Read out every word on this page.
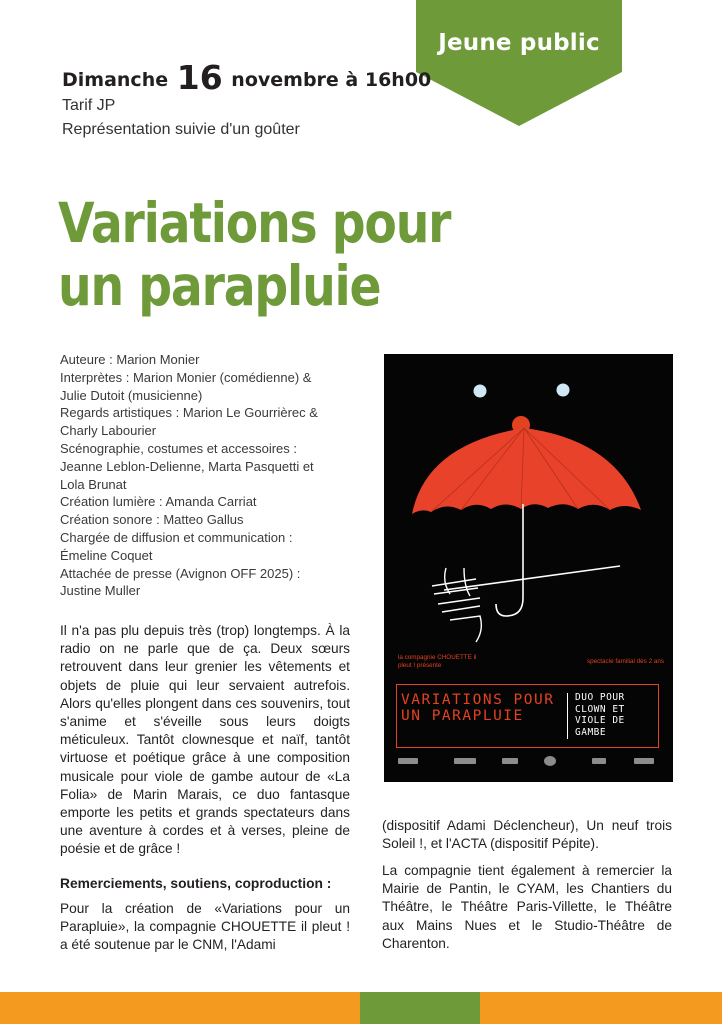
Jeune public
Dimanche 16 novembre à 16h00
Tarif JP
Représentation suivie d'un goûter
Variations pour
un parapluie
Auteure : Marion Monier
Interprètes : Marion Monier (comédienne) & Julie Dutoit (musicienne)
Regards artistiques : Marion Le Gourrièrec & Charly Labourier
Scénographie, costumes et accessoires : Jeanne Leblon-Delienne, Marta Pasquetti et Lola Brunat
Création lumière : Amanda Carriat
Création sonore : Matteo Gallus
Chargée de diffusion et communication : Émeline Coquet
Attachée de presse (Avignon OFF 2025) : Justine Muller
la compagnie CHOUETTE il pleut ! présente	spectacle familial dès 2 ans
VARIATIONS POUR UN PARAPLUIE
DUO POUR CLOWN ET VIOLE DE GAMBE

Il n'a pas plu depuis très (trop) longtemps. À la radio on ne parle que de ça. Deux sœurs retrouvent dans leur grenier les vêtements et objets de pluie qui leur servaient autrefois. Alors qu'elles plongent dans ces souvenirs, tout s'anime et s'éveille sous leurs doigts méticuleux. Tantôt clownesque et naïf, tantôt virtuose et poétique grâce à une composition musicale pour viole de gambe autour de «La Folia» de Marin Marais, ce duo fantasque emporte les petits et grands spectateurs dans une aventure à cordes et à verses, pleine de poésie et de grâce !

Remerciements, soutiens, coproduction :

Pour la création de «Variations pour un Parapluie», la compagnie CHOUETTE il pleut ! a été soutenue par le CNM, l'Adami

(dispositif Adami Déclencheur), Un neuf trois Soleil !, et l'ACTA (dispositif Pépite).

La compagnie tient également à remercier la Mairie de Pantin, le CYAM, les Chantiers du Théâtre, le Théâtre Paris-Villette, le Théâtre aux Mains Nues et le Studio-Théâtre de Charenton.
